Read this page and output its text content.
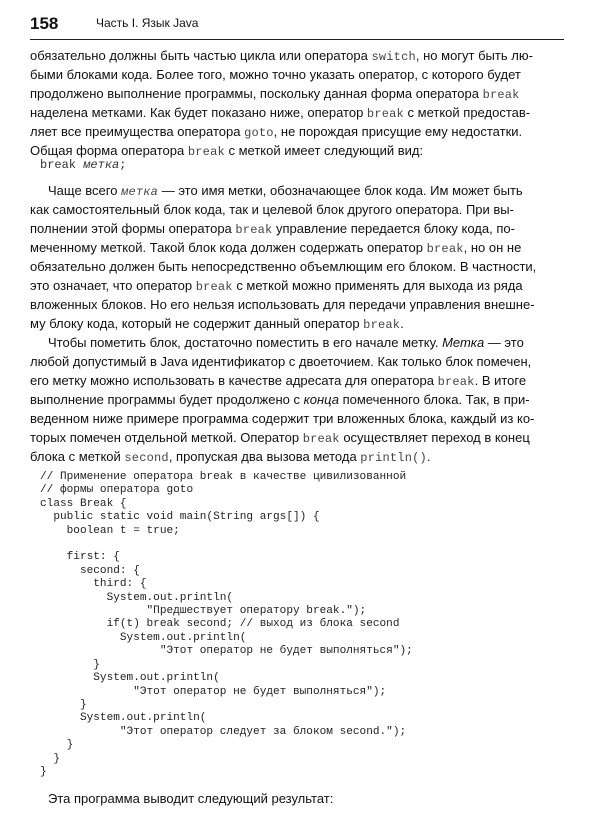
158	Часть I. Язык Java
обязательно должны быть частью цикла или оператора switch, но могут быть лю-
быми блоками кода. Более того, можно точно указать оператор, с которого будет
продолжено выполнение программы, поскольку данная форма оператора break
наделена метками. Как будет показано ниже, оператор break с меткой предостав-
ляет все преимущества оператора goto, не порождая присущие ему недостатки.
Общая форма оператора break с меткой имеет следующий вид:
break метка;
Чаще всего метка — это имя метки, обозначающее блок кода. Им может быть
как самостоятельный блок кода, так и целевой блок другого оператора. При вы-
полнении этой формы оператора break управление передается блоку кода, по-
меченному меткой. Такой блок кода должен содержать оператор break, но он не
обязательно должен быть непосредственно объемлющим его блоком. В частности,
это означает, что оператор break с меткой можно применять для выхода из ряда
вложенных блоков. Но его нельзя использовать для передачи управления внешне-
му блоку кода, который не содержит данный оператор break.
Чтобы пометить блок, достаточно поместить в его начале метку. Метка — это
любой допустимый в Java идентификатор с двоеточием. Как только блок помечен,
его метку можно использовать в качестве адресата для оператора break. В итоге
выполнение программы будет продолжено с конца помеченного блока. Так, в при-
веденном ниже примере программа содержит три вложенных блока, каждый из ко-
торых помечен отдельной меткой. Оператор break осуществляет переход в конец
// Применение оператора break в качестве цивилизованной
// формы оператора goto
class Break {
public static void main(String args[]) {
boolean t = true;

first: {
second: {
third: {
System.out.println(
"Предшествует оператору break.");
if(t) break second; // выход из блока second
System.out.println(
"Этот оператор не будет выполняться");
}
System.out.println(
"Этот оператор не будет выполняться");
}
System.out.println(
"Этот оператор следует за блоком second.");
}
}
}
Эта программа выводит следующий результат:
блока с меткой second, пропуская два вызова метода println().
